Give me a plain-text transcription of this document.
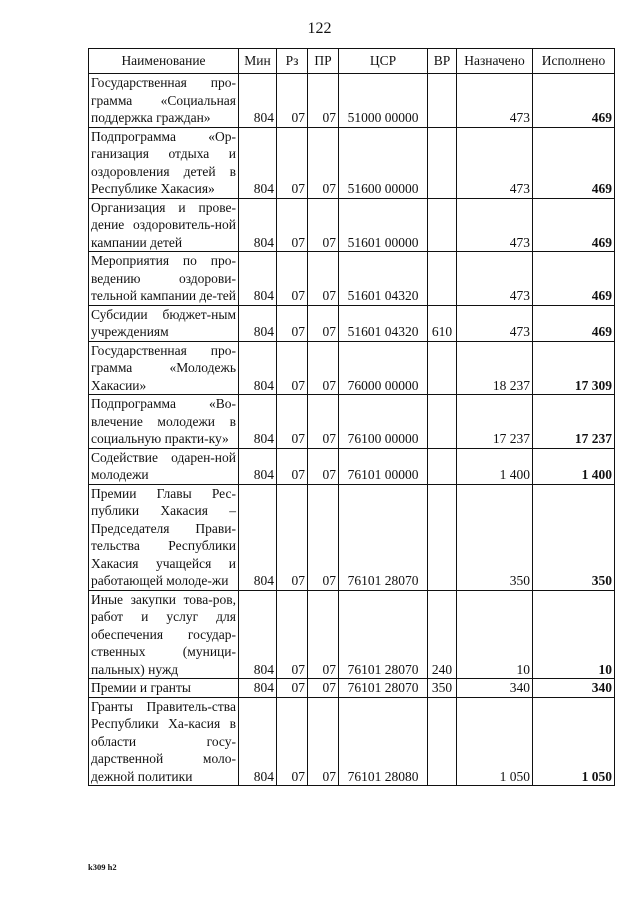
122
Наименование	Мин	Рз	ПР	ЦСР	ВР	Назначено	Исполнено
Государственная про-грамма «Социальная поддержка граждан»	804	07	07	51000 00000		473	469
Подпрограмма «Ор-ганизация отдыха и оздоровления детей в Республике Хакасия»	804	07	07	51600 00000		473	469
Организация и прове-дение оздоровитель-ной кампании детей	804	07	07	51601 00000		473	469
Мероприятия по про-ведению оздорови-тельной кампании де-тей	804	07	07	51601 04320		473	469
Субсидии бюджет-ным учреждениям	804	07	07	51601 04320	610	473	469
Государственная про-грамма «Молодежь Хакасии»	804	07	07	76000 00000		18 237	17 309
Подпрограмма «Во-влечение молодежи в социальную практи-ку»	804	07	07	76100 00000		17 237	17 237
Содействие одарен-ной молодежи	804	07	07	76101 00000		1 400	1 400
Премии Главы Рес-публики Хакасия – Председателя Прави-тельства Республики Хакасия учащейся и работающей молоде-жи	804	07	07	76101 28070		350	350
Иные закупки това-ров, работ и услуг для обеспечения государ-ственных (муници-пальных) нужд	804	07	07	76101 28070	240	10	10
Премии и гранты	804	07	07	76101 28070	350	340	340
Гранты Правитель-ства Республики Ха-касия в области госу-дарственной моло-дежной политики	804	07	07	76101 28080		1 050	1 050
k309 h2
